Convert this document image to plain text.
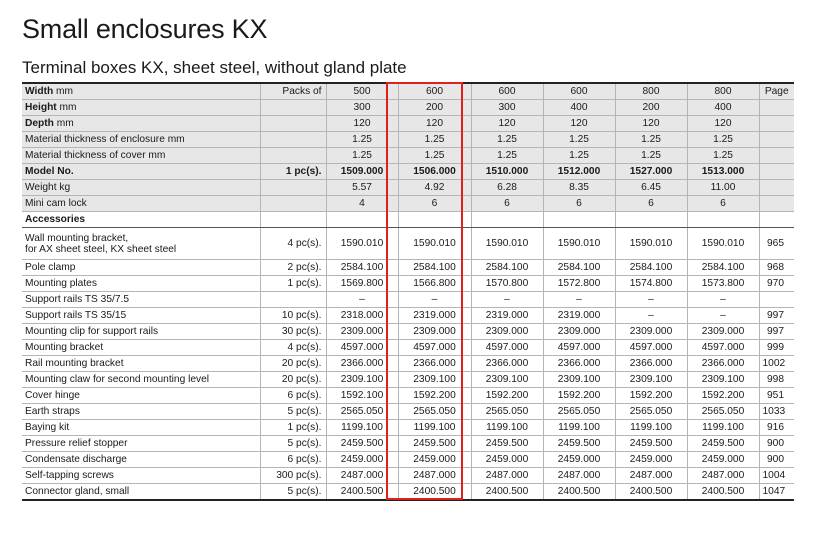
Small enclosures KX
Terminal boxes KX, sheet steel, without gland plate
Width mm	Packs of	500	600	600	600	800	800	Page
Height mm		300	200	300	400	200	400	
Depth mm		120	120	120	120	120	120	
Material thickness of enclosure mm		1.25	1.25	1.25	1.25	1.25	1.25	
Material thickness of cover mm		1.25	1.25	1.25	1.25	1.25	1.25	
Model No.	1 pc(s).	1509.000	1506.000	1510.000	1512.000	1527.000	1513.000	
Weight kg		5.57	4.92	6.28	8.35	6.45	11.00	
Mini cam lock		4	6	6	6	6	6	
Accessories								
Wall mounting bracket,
for AX sheet steel, KX sheet steel	4 pc(s).	1590.010	1590.010	1590.010	1590.010	1590.010	1590.010	965
Pole clamp	2 pc(s).	2584.100	2584.100	2584.100	2584.100	2584.100	2584.100	968
Mounting plates	1 pc(s).	1569.800	1566.800	1570.800	1572.800	1574.800	1573.800	970
Support rails TS 35/7.5		–	–	–	–	–	–	
Support rails TS 35/15	10 pc(s).	2318.000	2319.000	2319.000	2319.000	–	–	997
Mounting clip for support rails	30 pc(s).	2309.000	2309.000	2309.000	2309.000	2309.000	2309.000	997
Mounting bracket	4 pc(s).	4597.000	4597.000	4597.000	4597.000	4597.000	4597.000	999
Rail mounting bracket	20 pc(s).	2366.000	2366.000	2366.000	2366.000	2366.000	2366.000	1002
Mounting claw for second mounting level	20 pc(s).	2309.100	2309.100	2309.100	2309.100	2309.100	2309.100	998
Cover hinge	6 pc(s).	1592.100	1592.200	1592.200	1592.200	1592.200	1592.200	951
Earth straps	5 pc(s).	2565.050	2565.050	2565.050	2565.050	2565.050	2565.050	1033
Baying kit	1 pc(s).	1199.100	1199.100	1199.100	1199.100	1199.100	1199.100	916
Pressure relief stopper	5 pc(s).	2459.500	2459.500	2459.500	2459.500	2459.500	2459.500	900
Condensate discharge	6 pc(s).	2459.000	2459.000	2459.000	2459.000	2459.000	2459.000	900
Self-tapping screws	300 pc(s).	2487.000	2487.000	2487.000	2487.000	2487.000	2487.000	1004
Connector gland, small	5 pc(s).	2400.500	2400.500	2400.500	2400.500	2400.500	2400.500	1047
